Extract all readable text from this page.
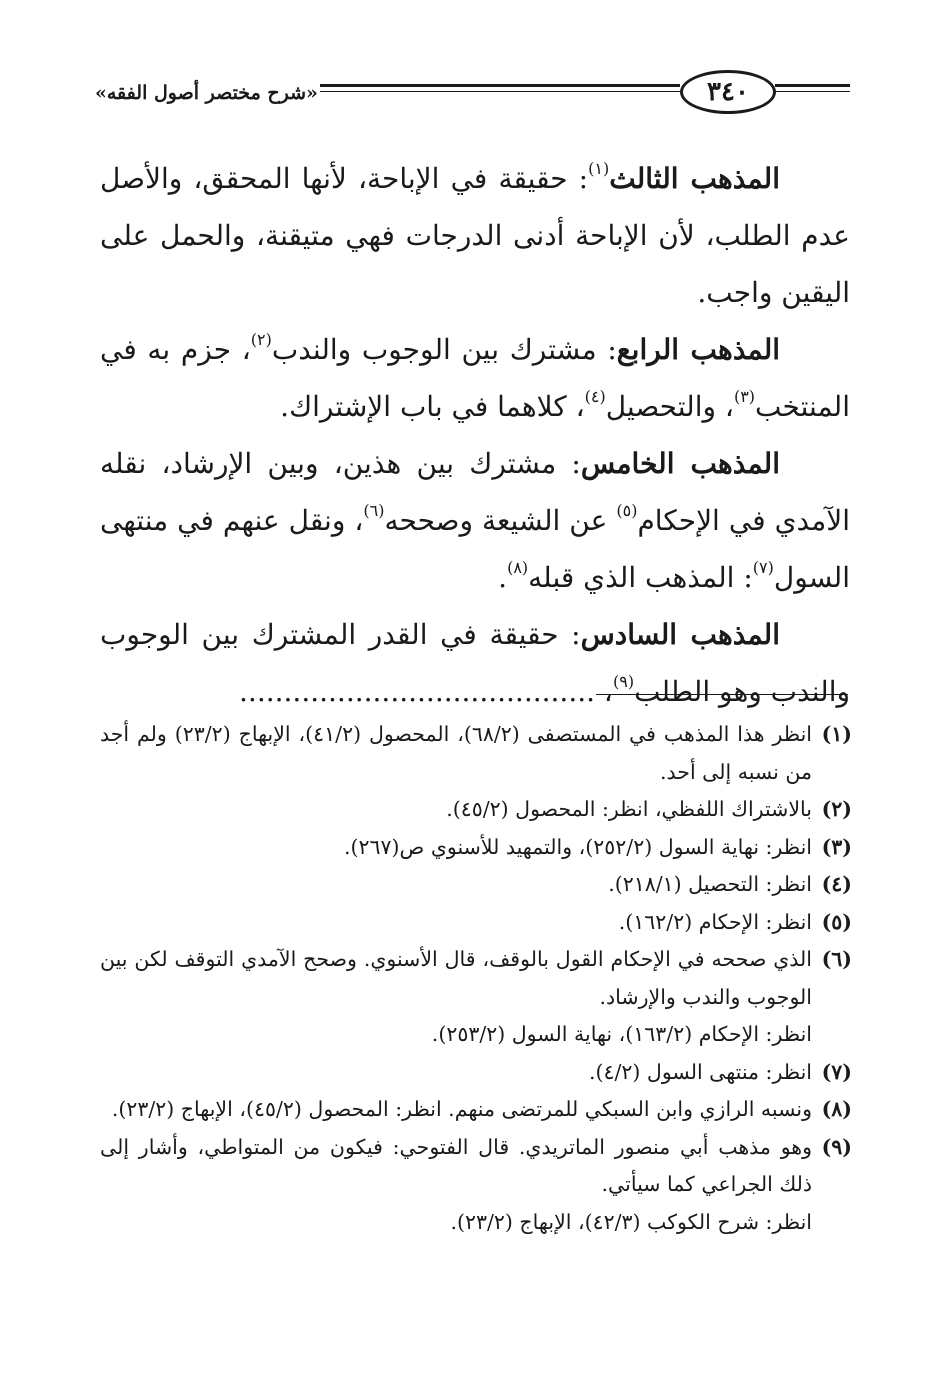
«شرح مختصر أصول الفقه»	٣٤٠

المذهب الثالث$^{(١)}$: حقيقة في الإباحة، لأنها المحقق، والأصل عدم الطلب، لأن الإباحة أدنى الدرجات فهي متيقنة، والحمل على اليقين واجب.

المذهب الرابع: مشترك بين الوجوب والندب$^{(٢)}$، جزم به في المنتخب$^{(٣)}$، والتحصيل$^{(٤)}$، كلاهما في باب الإشتراك.

المذهب الخامس: مشترك بين هذين، وبين الإرشاد، نقله الآمدي في الإحكام$^{(٥)}$ عن الشيعة وصححه$^{(٦)}$، ونقل عنهم في منتهى السول$^{(٧)}$: المذهب الذي قبله$^{(٨)}$.

المذهب السادس: حقيقة في القدر المشترك بين الوجوب والندب وهو الطلب$^{(٩)}$، ........................................

(١)
انظر هذا المذهب في المستصفى (٦٨/٢)، المحصول (٤١/٢)، الإبهاج (٢٣/٢) ولم أجد من نسبه إلى أحد.
(٢)
بالاشتراك اللفظي، انظر: المحصول (٤٥/٢).
(٣)
انظر: نهاية السول (٢٥٢/٢)، والتمهيد للأسنوي ص(٢٦٧).
(٤)
انظر: التحصيل (٢١٨/١).
(٥)
انظر: الإحكام (١٦٢/٢).
(٦)
الذي صححه في الإحكام القول بالوقف، قال الأسنوي. وصحح الآمدي التوقف لكن بين الوجوب والندب والإرشاد.
انظر: الإحكام (١٦٣/٢)، نهاية السول (٢٥٣/٢).
(٧)
انظر: منتهى السول (٤/٢).
(٨)
ونسبه الرازي وابن السبكي للمرتضى منهم. انظر: المحصول (٤٥/٢)، الإبهاج (٢٣/٢).
(٩)
وهو مذهب أبي منصور الماتريدي. قال الفتوحي: فيكون من المتواطي، وأشار إلى ذلك الجراعي كما سيأتي.
انظر: شرح الكوكب (٤٢/٣)، الإبهاج (٢٣/٢).
